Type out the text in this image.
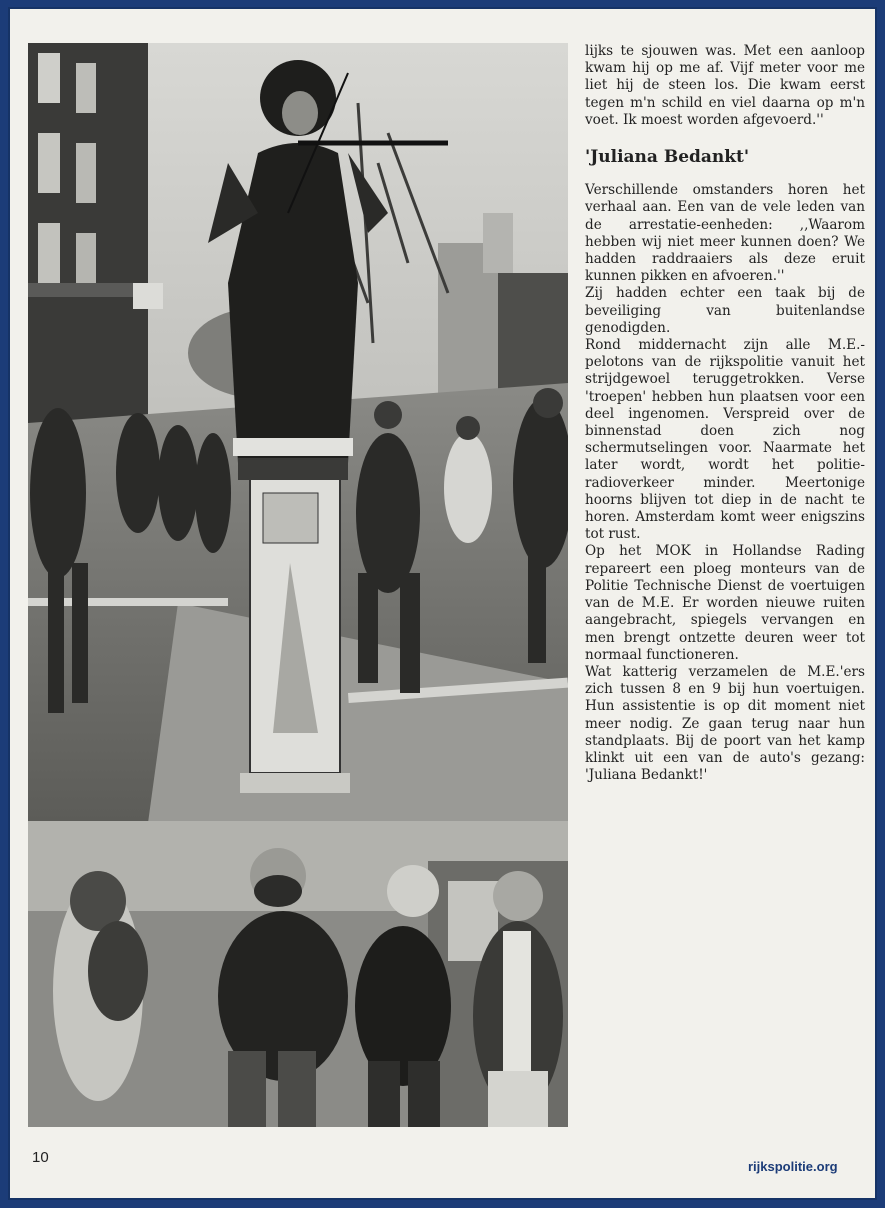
lijks te sjouwen was. Met een aanloop kwam hij op me af. Vijf meter voor me liet hij de steen los. Die kwam eerst tegen m'n schild en viel daarna op m'n voet. Ik moest worden afgevoerd.''

'Juliana Bedankt'

Verschillende omstanders horen het verhaal aan. Een van de vele leden van de arrestatie-eenheden: ,,Waarom hebben wij niet meer kunnen doen? We hadden raddraaiers als deze eruit kunnen pikken en afvoeren.''

Zij hadden echter een taak bij de beveiliging van buitenlandse genodigden.

Rond middernacht zijn alle M.E.-pelotons van de rijkspolitie vanuit het strijdgewoel teruggetrokken. Verse 'troepen' hebben hun plaatsen voor een deel ingenomen. Verspreid over de binnenstad doen zich nog schermutselingen voor. Naarmate het later wordt, wordt het politie-radioverkeer minder. Meertonige hoorns blijven tot diep in de nacht te horen. Amsterdam komt weer enigszins tot rust.

Op het MOK in Hollandse Rading repareert een ploeg monteurs van de Politie Technische Dienst de voertuigen van de M.E. Er worden nieuwe ruiten aangebracht, spiegels vervangen en men brengt ontzette deuren weer tot normaal functioneren.

Wat katterig verzamelen de M.E.'ers zich tussen 8 en 9 bij hun voertuigen. Hun assistentie is op dit moment niet meer nodig. Ze gaan terug naar hun standplaats. Bij de poort van het kamp klinkt uit een van de auto's gezang: 'Juliana Bedankt!'

10
rijkspolitie.org
